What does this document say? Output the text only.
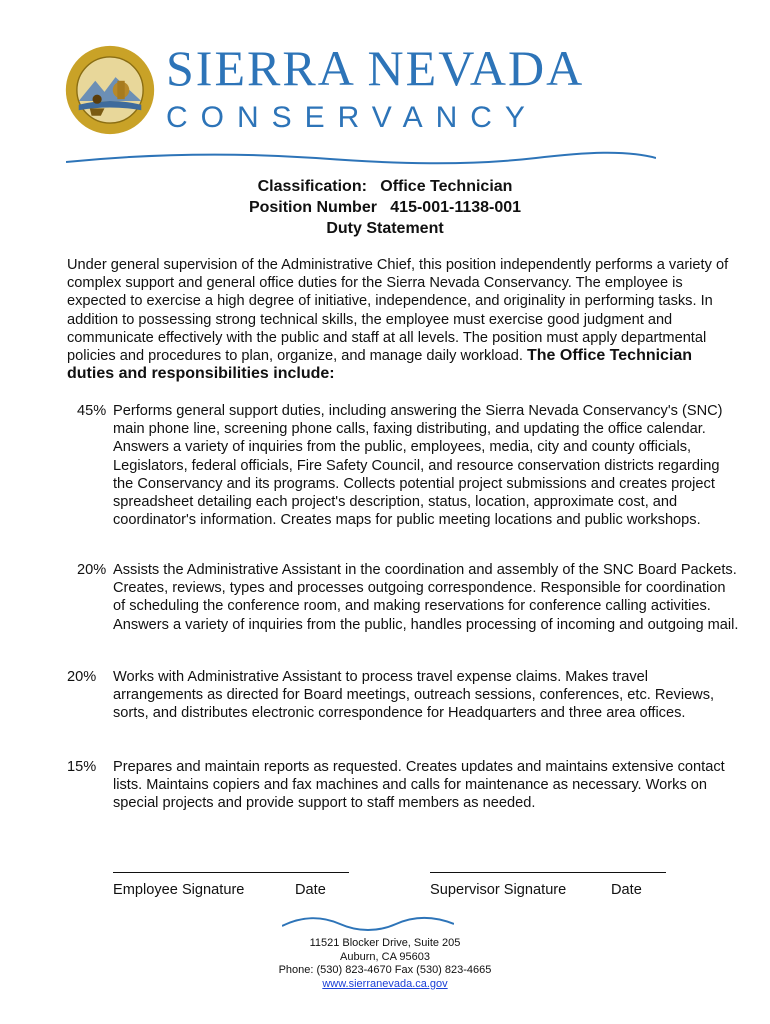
SIERRA NEVADA
CONSERVANCY
Classification:   Office Technician
Position Number   415-001-1138-001
Duty Statement
Under general supervision of the Administrative Chief, this position independently performs a variety of complex support and general office duties for the Sierra Nevada Conservancy. The employee is expected to exercise a high degree of initiative, independence, and originality in performing tasks. In addition to possessing strong technical skills, the employee must exercise good judgment and communicate effectively with the public and staff at all levels. The position must apply departmental policies and procedures to plan, organize, and manage daily workload. The Office Technician duties and responsibilities include:
45% Performs general support duties, including answering the Sierra Nevada Conservancy's (SNC) main phone line, screening phone calls, faxing distributing, and updating the office calendar. Answers a variety of inquiries from the public, employees, media, city and county officials, Legislators, federal officials, Fire Safety Council, and resource conservation districts regarding the Conservancy and its programs. Collects potential project submissions and creates project spreadsheet detailing each project's description, status, location, approximate cost, and coordinator's information. Creates maps for public meeting locations and public workshops.
20% Assists the Administrative Assistant in the coordination and assembly of the SNC Board Packets. Creates, reviews, types and processes outgoing correspondence. Responsible for coordination of scheduling the conference room, and making reservations for conference calling activities. Answers a variety of inquiries from the public, handles processing of incoming and outgoing mail.
20%	Works with Administrative Assistant to process travel expense claims. Makes travel arrangements as directed for Board meetings, outreach sessions, conferences, etc. Reviews, sorts, and distributes electronic correspondence for Headquarters and three area offices.
15%	Prepares and maintain reports as requested. Creates updates and maintains extensive contact lists. Maintains copiers and fax machines and calls for maintenance as necessary. Works on special projects and provide support to staff members as needed.
Employee Signature	Date	Supervisor Signature	Date
11521 Blocker Drive, Suite 205
Auburn, CA 95603
Phone: (530) 823-4670 Fax (530) 823-4665
www.sierranevada.ca.gov
